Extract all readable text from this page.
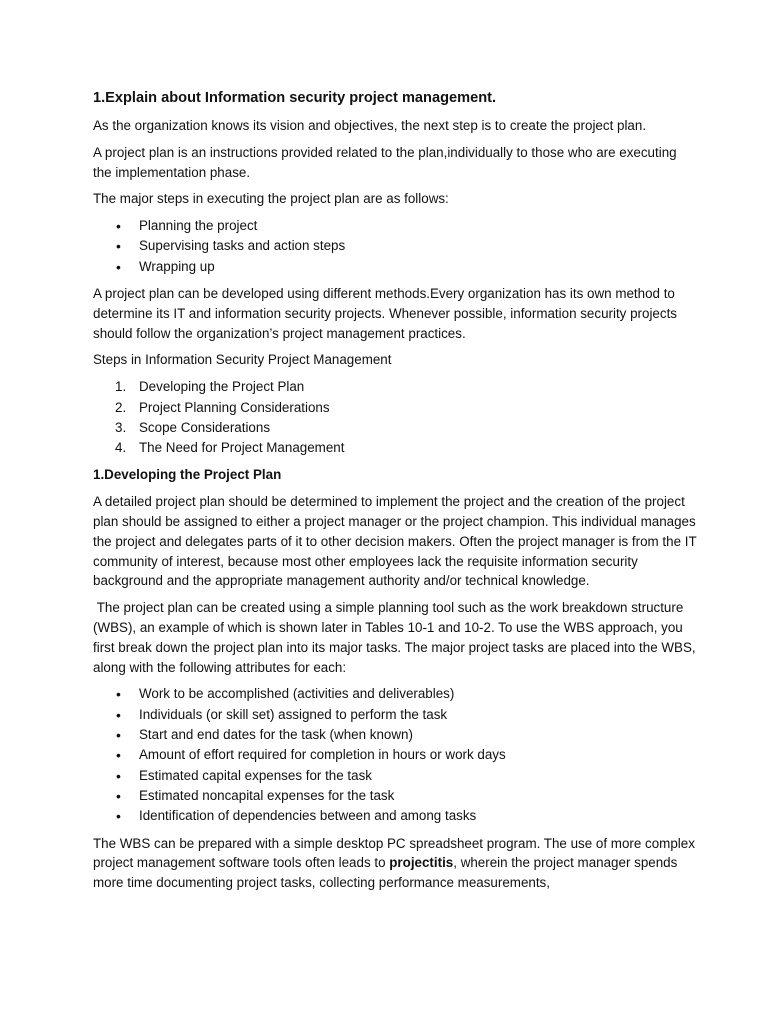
1.Explain about Information security project management.

As the organization knows its vision and objectives, the next step is to create the project plan.

A project plan is an instructions provided related to the plan,individually to those who are executing the implementation phase.

The major steps in executing the project plan are as follows:

• Planning the project
• Supervising tasks and action steps
• Wrapping up

A project plan can be developed using different methods.Every organization has its own method to determine its IT and information security projects. Whenever possible, information security projects should follow the organization’s project management practices.

Steps in Information Security Project Management

1. Developing the Project Plan
2. Project Planning Considerations
3. Scope Considerations
4. The Need for Project Management
1.Developing the Project Plan

A detailed project plan should be determined to implement the project and the creation of the project plan should be assigned to either a project manager or the project champion. This individual manages the project and delegates parts of it to other decision makers. Often the project manager is from the IT community of interest, because most other employees lack the requisite information security background and the appropriate management authority and/or technical knowledge.

The project plan can be created using a simple planning tool such as the work breakdown structure (WBS), an example of which is shown later in Tables 10-1 and 10-2. To use the WBS approach, you first break down the project plan into its major tasks. The major project tasks are placed into the WBS, along with the following attributes for each:

• Work to be accomplished (activities and deliverables)
• Individuals (or skill set) assigned to perform the task
• Start and end dates for the task (when known)
• Amount of effort required for completion in hours or work days
• Estimated capital expenses for the task
• Estimated noncapital expenses for the task
• Identification of dependencies between and among tasks

The WBS can be prepared with a simple desktop PC spreadsheet program. The use of more complex project management software tools often leads to projectitis, wherein the project manager spends more time documenting project tasks, collecting performance measurements,
